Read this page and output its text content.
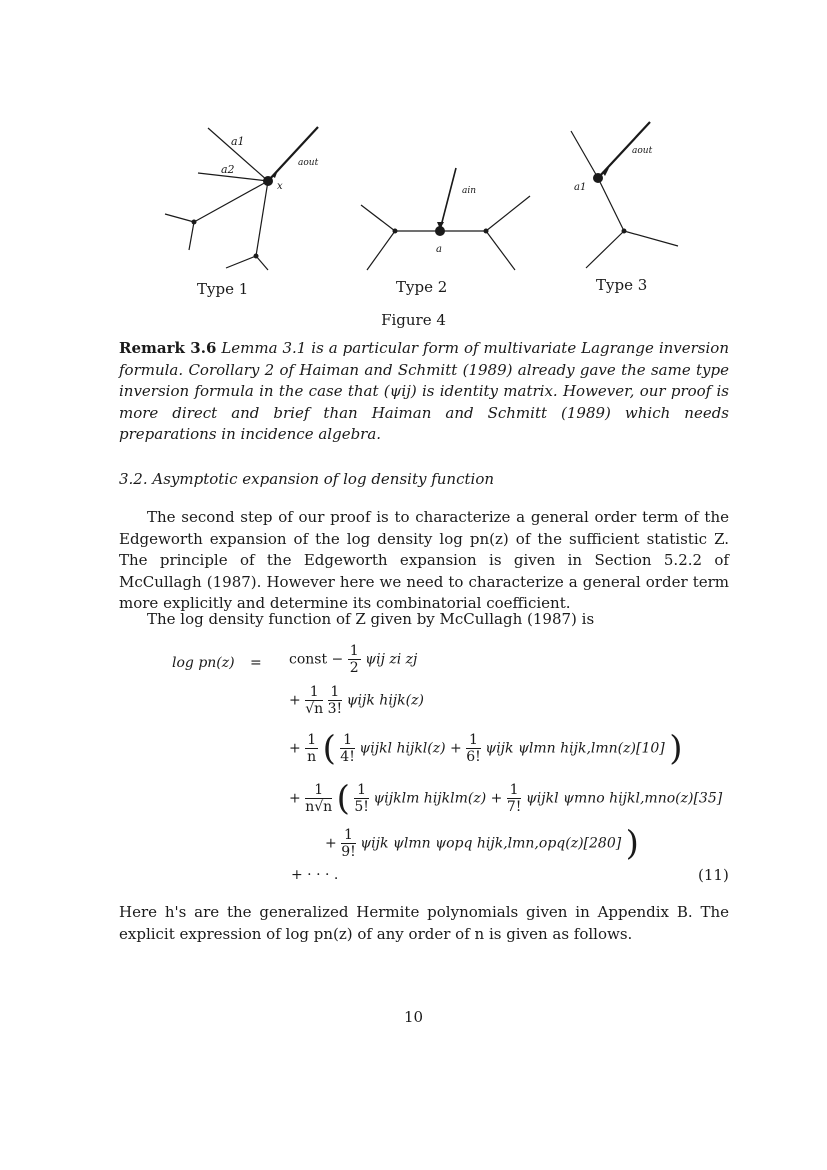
a1
a2	aout
x	ain
a
aout
a1
Type 1	Type 2	Type 3
Figure 4

Remark 3.6 Lemma 3.1 is a particular form of multivariate Lagrange inversion formula. Corollary 2 of Haiman and Schmitt (1989) already gave the same type inversion formula in the case that (ψij) is identity matrix. However, our proof is more direct and brief than Haiman and Schmitt (1989) which needs preparations in incidence algebra.

3.2. Asymptotic expansion of log density function

The second step of our proof is to characterize a general order term of the Edgeworth expansion of the log density log pn(z) of the sufficient statistic Z. The principle of the Edgeworth expansion is given in Section 5.2.2 of McCullagh (1987). However here we need to characterize a general order term more explicitly and determine its combinatorial coefficient.

The log density function of Z given by McCullagh (1987) is
log pn(z) = const − $\frac{1}{2}$ ψij zi zj
+ $\frac{1}{√n}$
$\frac{1}{3!}$ ψijk hijk(z)
+ $\frac{1}{n}$ ( $\frac{1}{4!}$ ψijkl hijkl(z) + $\frac{1}{6!}$ ψijk ψlmn hijk,lmn(z)[10] )
+ $\frac{1}{n√n}$ ( $\frac{1}{5!}$ ψijklm hijklm(z) + $\frac{1}{7!}$ ψijkl ψmno hijkl,mno(z)[35]
+ $\frac{1}{9!}$ ψijk ψlmn ψopq hijk,lmn,opq(z)[280] )
+ · · · .	(11)

Here h's are the generalized Hermite polynomials given in Appendix B. The explicit expression of log pn(z) of any order of n is given as follows.

10
